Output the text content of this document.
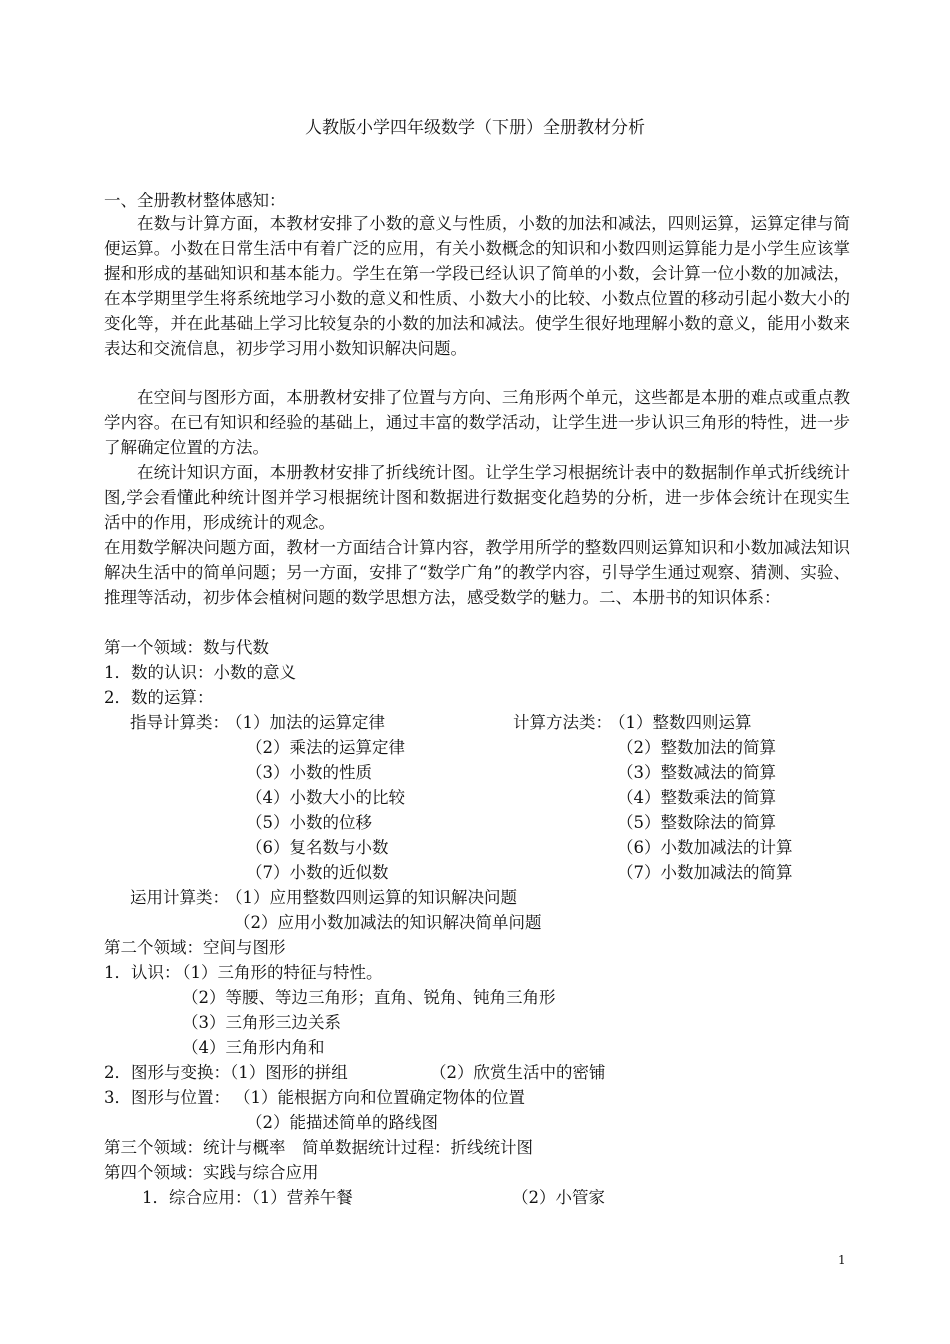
人教版小学四年级数学（下册）全册教材分析
一、全册教材整体感知：
在数与计算方面，本教材安排了小数的意义与性质，小数的加法和减法，四则运算，运算定律与简便运算。小数在日常生活中有着广泛的应用，有关小数概念的知识和小数四则运算能力是小学生应该掌握和形成的基础知识和基本能力。学生在第一学段已经认识了简单的小数，会计算一位小数的加减法，在本学期里学生将系统地学习小数的意义和性质、小数大小的比较、小数点位置的移动引起小数大小的变化等，并在此基础上学习比较复杂的小数的加法和减法。使学生很好地理解小数的意义，能用小数来表达和交流信息，初步学习用小数知识解决问题。
在空间与图形方面，本册教材安排了位置与方向、三角形两个单元，这些都是本册的难点或重点教学内容。在已有知识和经验的基础上，通过丰富的数学活动，让学生进一步认识三角形的特性，进一步了解确定位置的方法。
在统计知识方面，本册教材安排了折线统计图。让学生学习根据统计表中的数据制作单式折线统计图,学会看懂此种统计图并学习根据统计图和数据进行数据变化趋势的分析，进一步体会统计在现实生活中的作用，形成统计的观念。
在用数学解决问题方面，教材一方面结合计算内容，教学用所学的整数四则运算知识和小数加减法知识解决生活中的简单问题；另一方面，安排了“数学广角”的教学内容，引导学生通过观察、猜测、实验、推理等活动，初步体会植树问题的数学思想方法，感受数学的魅力。二、本册书的知识体系：
第一个领域：数与代数
1．数的认识：小数的意义
2．数的运算：
指导计算类：
（1）加法的运算定律
（2）乘法的运算定律
（3）小数的性质
（4）小数大小的比较
（5）小数的位移
（6）复名数与小数
（7）小数的近似数
计算方法类：
（1）整数四则运算
（2）整数加法的简算
（3）整数减法的简算
（4）整数乘法的简算
（5）整数除法的简算
（6）小数加减法的计算
（7）小数加减法的简算
运用计算类：
（1）应用整数四则运算的知识解决问题
（2）应用小数加减法的知识解决简单问题
第二个领域：空间与图形
1．认识：
（1）三角形的特征与特性。
（2）等腰、等边三角形；直角、锐角、钝角三角形
（3）三角形三边关系
（4）三角形内角和
2．图形与变换：（1）图形的拼组	（2）欣赏生活中的密铺
3．图形与位置： （1）能根据方向和位置确定物体的位置
（2）能描述简单的路线图
第三个领域：统计与概率　简单数据统计过程：折线统计图
第四个领域：实践与综合应用
1．综合应用：（1）营养午餐	（2）小管家
1
